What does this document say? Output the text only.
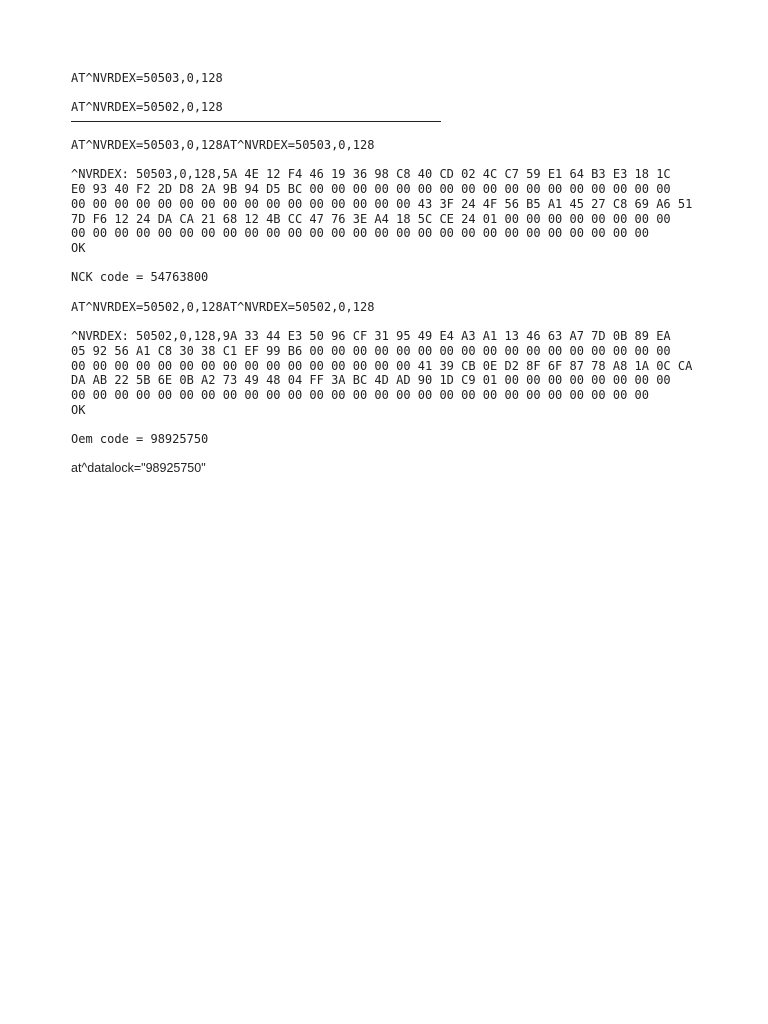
AT^NVRDEX=50503,0,128

AT^NVRDEX=50502,0,128

AT^NVRDEX=50503,0,128AT^NVRDEX=50503,0,128

^NVRDEX: 50503,0,128,5A 4E 12 F4 46 19 36 98 C8 40 CD 02 4C C7 59 E1 64 B3 E3 18 1C

E0 93 40 F2 2D D8 2A 9B 94 D5 BC 00 00 00 00 00 00 00 00 00 00 00 00 00 00 00 00 00

00 00 00 00 00 00 00 00 00 00 00 00 00 00 00 00 43 3F 24 4F 56 B5 A1 45 27 C8 69 A6 51

7D F6 12 24 DA CA 21 68 12 4B CC 47 76 3E A4 18 5C CE 24 01 00 00 00 00 00 00 00 00

00 00 00 00 00 00 00 00 00 00 00 00 00 00 00 00 00 00 00 00 00 00 00 00 00 00 00

OK

NCK code = 54763800

AT^NVRDEX=50502,0,128AT^NVRDEX=50502,0,128

^NVRDEX: 50502,0,128,9A 33 44 E3 50 96 CF 31 95 49 E4 A3 A1 13 46 63 A7 7D 0B 89 EA

05 92 56 A1 C8 30 38 C1 EF 99 B6 00 00 00 00 00 00 00 00 00 00 00 00 00 00 00 00 00

00 00 00 00 00 00 00 00 00 00 00 00 00 00 00 00 41 39 CB 0E D2 8F 6F 87 78 A8 1A 0C CA

DA AB 22 5B 6E 0B A2 73 49 48 04 FF 3A BC 4D AD 90 1D C9 01 00 00 00 00 00 00 00 00

00 00 00 00 00 00 00 00 00 00 00 00 00 00 00 00 00 00 00 00 00 00 00 00 00 00 00

OK

Oem code = 98925750

at^datalock="98925750"
